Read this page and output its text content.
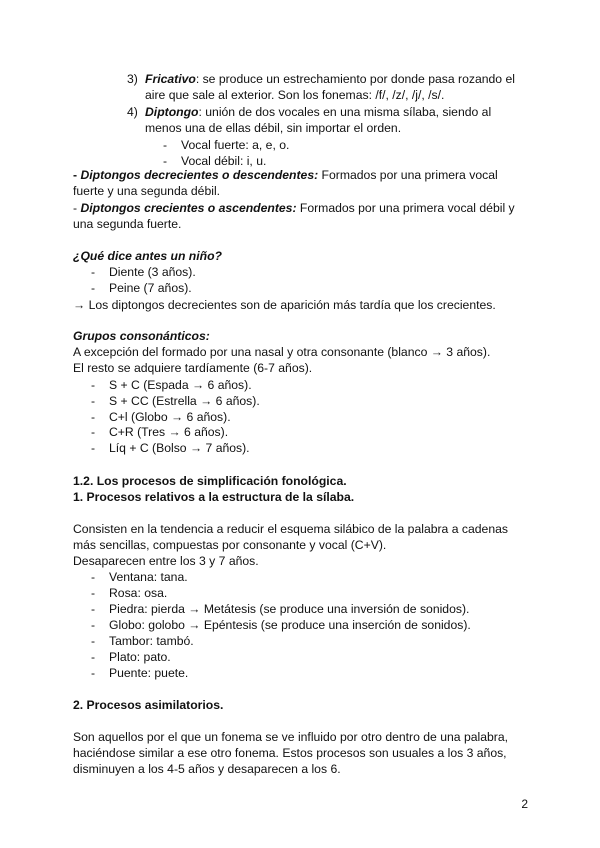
3) Fricativo: se produce un estrechamiento por donde pasa rozando el
aire que sale al exterior. Son los fonemas: /f/, /z/, /j/, /s/.
4) Diptongo: unión de dos vocales en una misma sílaba, siendo al
menos una de ellas débil, sin importar el orden.
- Vocal fuerte: a, e, o.
- Vocal débil: i, u.
- Diptongos decrecientes o descendentes: Formados por una primera vocal
fuerte y una segunda débil.
- Diptongos crecientes o ascendentes: Formados por una primera vocal débil y
una segunda fuerte.
¿Qué dice antes un niño?
- Diente (3 años).
- Peine (7 años).
→ Los diptongos decrecientes son de aparición más tardía que los crecientes.
Grupos consonánticos:
A excepción del formado por una nasal y otra consonante (blanco → 3 años).
El resto se adquiere tardíamente (6-7 años).
- S + C (Espada → 6 años).
- S + CC (Estrella → 6 años).
- C+l (Globo → 6 años).
- C+R (Tres → 6 años).
- Líq + C (Bolso → 7 años).
1.2. Los procesos de simplificación fonológica.
1. Procesos relativos a la estructura de la sílaba.
Consisten en la tendencia a reducir el esquema silábico de la palabra a cadenas
más sencillas, compuestas por consonante y vocal (C+V).
Desaparecen entre los 3 y 7 años.
- Ventana: tana.
- Rosa: osa.
- Piedra: pierda → Metátesis (se produce una inversión de sonidos).
- Globo: golobo → Epéntesis (se produce una inserción de sonidos).
- Tambor: tambó.
- Plato: pato.
- Puente: puete.
2. Procesos asimilatorios.
Son aquellos por el que un fonema se ve influido por otro dentro de una palabra,
haciéndose similar a ese otro fonema. Estos procesos son usuales a los 3 años,
disminuyen a los 4-5 años y desaparecen a los 6.
2
